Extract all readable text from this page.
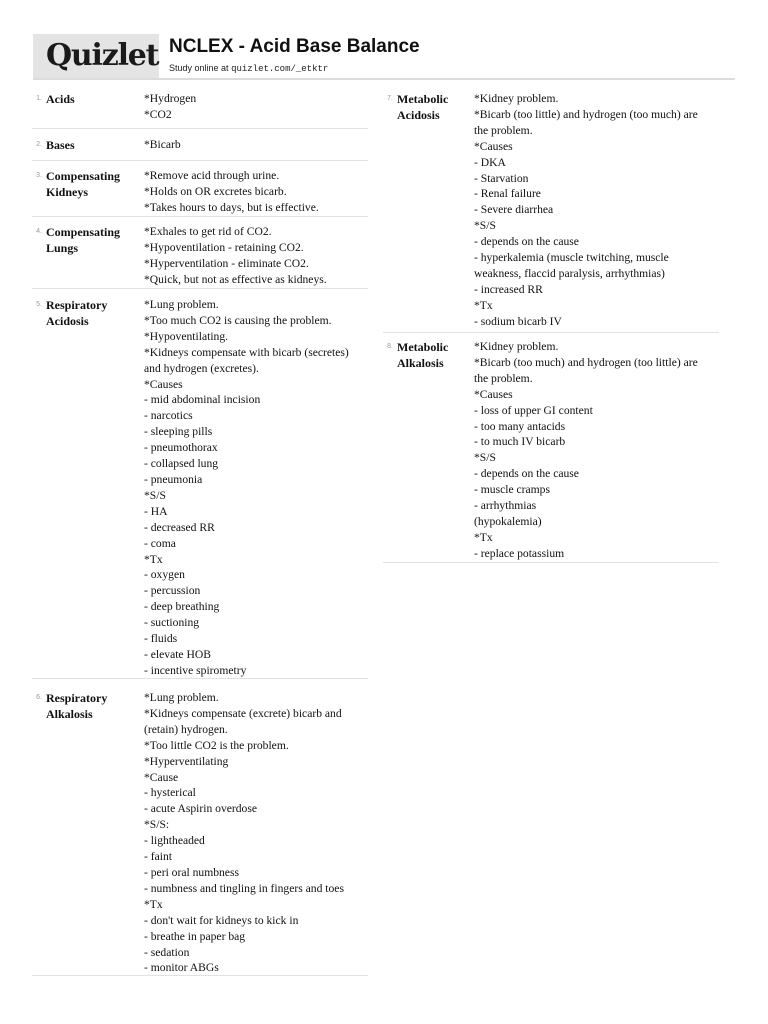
Quizlet NCLEX - Acid Base Balance
Study online at quizlet.com/_etktr
1. Acids	*Hydrogen
*CO2
2. Bases	*Bicarb
3. Compensating Kidneys
*Remove acid through urine.
*Holds on OR excretes bicarb.
*Takes hours to days, but is effective.
4. Compensating Lungs
*Exhales to get rid of CO2.
*Hypoventilation - retaining CO2.
*Hyperventilation - eliminate CO2.
*Quick, but not as effective as kidneys.
5. Respiratory Acidosis
*Lung problem.
*Too much CO2 is causing the problem.
*Hypoventilating.
*Kidneys compensate with bicarb (secretes)
and hydrogen (excretes).
*Causes
- mid abdominal incision
- narcotics
- sleeping pills
- pneumothorax
- collapsed lung
- pneumonia
*S/S
- HA
- decreased RR
- coma
*Tx
- oxygen
- percussion
- deep breathing
- suctioning
- fluids
- elevate HOB
- incentive spirometry
6. Respiratory Alkalosis
*Lung problem.
*Kidneys compensate (excrete) bicarb and
(retain) hydrogen.
*Too little CO2 is the problem.
*Hyperventilating
*Cause
- hysterical
- acute Aspirin overdose
*S/S:
- lightheaded
- faint
- peri oral numbness
- numbness and tingling in fingers and toes
*Tx
- don't wait for kidneys to kick in
- breathe in paper bag
- sedation
- monitor ABGs
7. Metabolic Acidosis
*Kidney problem.
*Bicarb (too little) and hydrogen (too much) are
the problem.
*Causes
- DKA
- Starvation
- Renal failure
- Severe diarrhea
*S/S
- depends on the cause
- hyperkalemia (muscle twitching, muscle
weakness, flaccid paralysis, arrhythmias)
- increased RR
*Tx
- sodium bicarb IV
8. Metabolic Alkalosis
*Kidney problem.
*Bicarb (too much) and hydrogen (too little) are
the problem.
*Causes
- loss of upper GI content
- too many antacids
- to much IV bicarb
*S/S
- depends on the cause
- muscle cramps
- arrhythmias
(hypokalemia)
*Tx
- replace potassium
